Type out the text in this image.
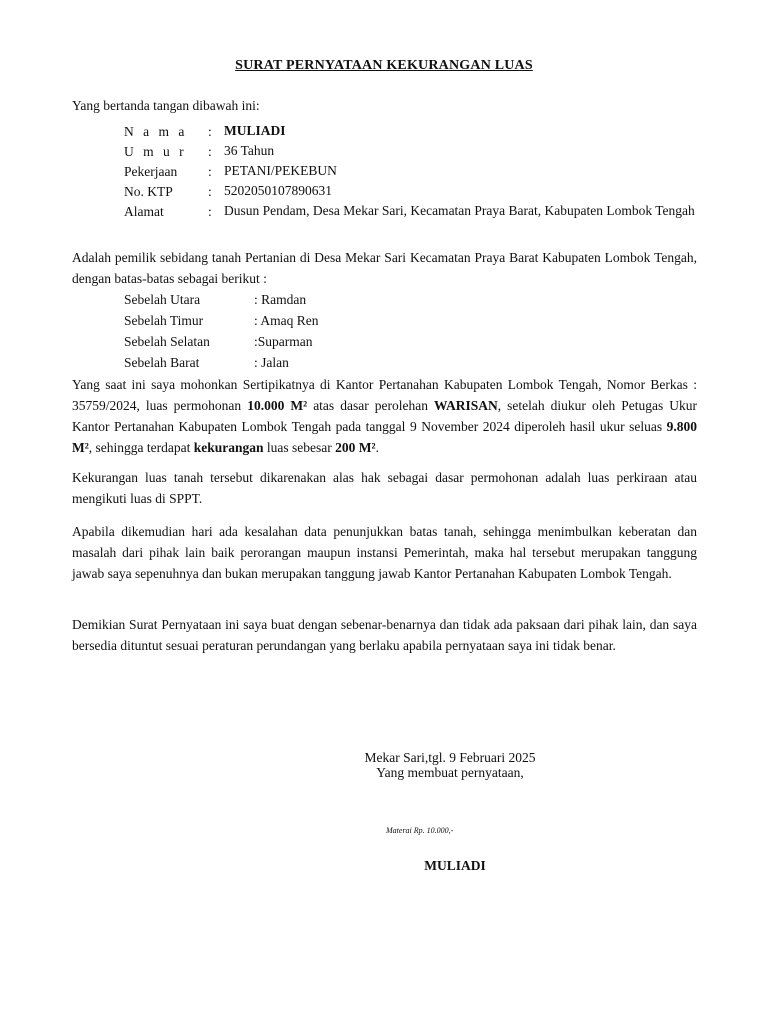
SURAT PERNYATAAN KEKURANGAN LUAS
Yang bertanda tangan dibawah ini:
N a m a	: MULIADI
U m u r	: 36 Tahun
Pekerjaan	: PETANI/PEKEBUN
No. KTP	: 5202050107890631
Alamat	: Dusun Pendam, Desa Mekar Sari, Kecamatan Praya Barat, Kabupaten Lombok Tengah
Adalah pemilik sebidang tanah Pertanian di Desa Mekar Sari Kecamatan Praya Barat Kabupaten Lombok Tengah, dengan batas-batas sebagai berikut :
Sebelah Utara	: Ramdan
Sebelah Timur	: Amaq Ren
Sebelah Selatan	:Suparman
Sebelah Barat	: Jalan
Yang saat ini saya mohonkan Sertipikatnya di Kantor Pertanahan Kabupaten Lombok Tengah, Nomor Berkas : 35759/2024, luas permohonan 10.000 M² atas dasar perolehan WARISAN, setelah diukur oleh Petugas Ukur Kantor Pertanahan Kabupaten Lombok Tengah pada tanggal 9 November 2024 diperoleh hasil ukur seluas 9.800 M², sehingga terdapat kekurangan luas sebesar 200 M².
Kekurangan luas tanah tersebut dikarenakan alas hak sebagai dasar permohonan adalah luas perkiraan atau mengikuti luas di SPPT.
Apabila dikemudian hari ada kesalahan data penunjukkan batas tanah, sehingga menimbulkan keberatan dan masalah dari pihak lain baik perorangan maupun instansi Pemerintah, maka hal tersebut merupakan tanggung jawab saya sepenuhnya dan bukan merupakan tanggung jawab Kantor Pertanahan Kabupaten Lombok Tengah.
Demikian Surat Pernyataan ini saya buat dengan sebenar-benarnya dan tidak ada paksaan dari pihak lain, dan saya bersedia dituntut sesuai peraturan perundangan yang berlaku apabila pernyataan saya ini tidak benar.
Mekar Sari,tgl. 9 Februari 2025
Yang membuat pernyataan,
Materai Rp. 10.000,-
MULIADI
